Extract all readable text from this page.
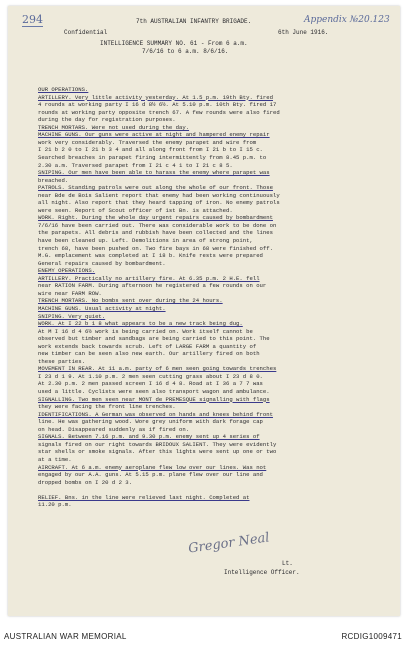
294	7th AUSTRALIAN INFANTRY BRIGADE.	Appendix №20.123
Confidential	6th June 1916.
INTELLIGENCE SUMMARY NO. 61 - From 6 a.m.
7/6/16 to 6 a.m. 8/6/16.
OUR OPERATIONS.
ARTILLERY. Very little activity yesterday. At 1.5 p.m. 19th Bty. fired
4 rounds at working party I 16 d 8½ 6½. At 5.10 p.m. 10th Bty. fired 17
rounds at working party opposite trench 67. A few rounds were also fired
during the day for registration purposes.
TRENCH MORTARS. Were not used during the day.
MACHINE GUNS. Our guns were active at night and hampered enemy repair
work very considerably. Traversed the enemy parapet and wire from
I 21 b 2 0 to I 21 b 3 4 and all along front from I 21 b to I 15 c.
Searched breaches in parapet firing intermittently from 8.45 p.m. to
2.30 a.m. Traversed parapet from I 21 c 4 1 to I 21 c 8 5.
SNIPING. Our men have been able to harass the enemy where parapet was
breached.
PATROLS. Standing patrols were out along the whole of our front. Those
near Bde de Bois Salient report that enemy had been working continuously
all night. Also report that they heard tapping of iron. No enemy patrols
were seen. Report of Scout officer of 1st Bn. is attached.
WORK. Right. During the whole day urgent repairs caused by bombardment
7/6/16 have been carried out. There was considerable work to be done on
the parapets. All debris and rubbish have been collected and the lines
have been cleaned up. Left. Demolitions in area of strong point,
trench 68, have been pushed on. Two fire bays in 68 were finished off.
M.G. emplacement was completed at I 18 b. Knife rests were prepared
General repairs caused by bombardment.
ENEMY OPERATIONS.
ARTILLERY. Practically no artillery fire. At 6.35 p.m. 2 H.E. fell
near RATION FARM. During afternoon he registered a few rounds on our
wire near FARM ROW.
TRENCH MORTARS. No bombs sent over during the 24 hours.
MACHINE GUNS. Usual activity at night.
SNIPING. Very quiet.
WORK. At I 22 b 1 8 what appears to be a new track being dug.
At M I 16 d 4 6½ work is being carried on. Work itself cannot be
observed but timber and sandbags are being carried to this point. The
work extends back towards scrub. Left of LARGE FARM a quantity of
new timber can be seen also new earth. Our artillery fired on both
these parties.
MOVEMENT IN REAR. At 11 a.m. party of 6 men seen going towards trenches
I 23 d 1 9. At 1.10 p.m. 2 men seen cutting grass about I 23 d 8 0.
At 2.30 p.m. 2 men passed screen I 16 d 4 8. Road at I 36 a 7 7 was
used a little. Cyclists were seen also transport wagon and ambulance.
SIGNALLING. Two men seen near MONT de PREMESQUE signalling with flags
they were facing the front line trenches.
IDENTIFICATIONS. A German was observed on hands and knees behind front
line. He was gathering wood. Wore grey uniform with dark forage cap
on head. Disappeared suddenly as if fired on.
SIGNALS. Between 7.16 p.m. and 9.30 p.m. enemy sent up 4 series of
signals fired on our right towards BRIDOUX SALIENT. They were evidently
star shells or smoke signals. After this lights were sent up one or two
at a time.
AIRCRAFT. At 6 a.m. enemy aeroplane flew low over our lines. Was not
engaged by our A.A. guns. At 5.15 p.m. plane flew over our line and
dropped bombs on I 20 d 2 3.
RELIEF. Bns. in the line were relieved last night. Completed at
11.20 p.m.
Gregor Neal
Lt.
Intelligence Officer.
AUSTRALIAN WAR MEMORIAL	RCDIG1009471
